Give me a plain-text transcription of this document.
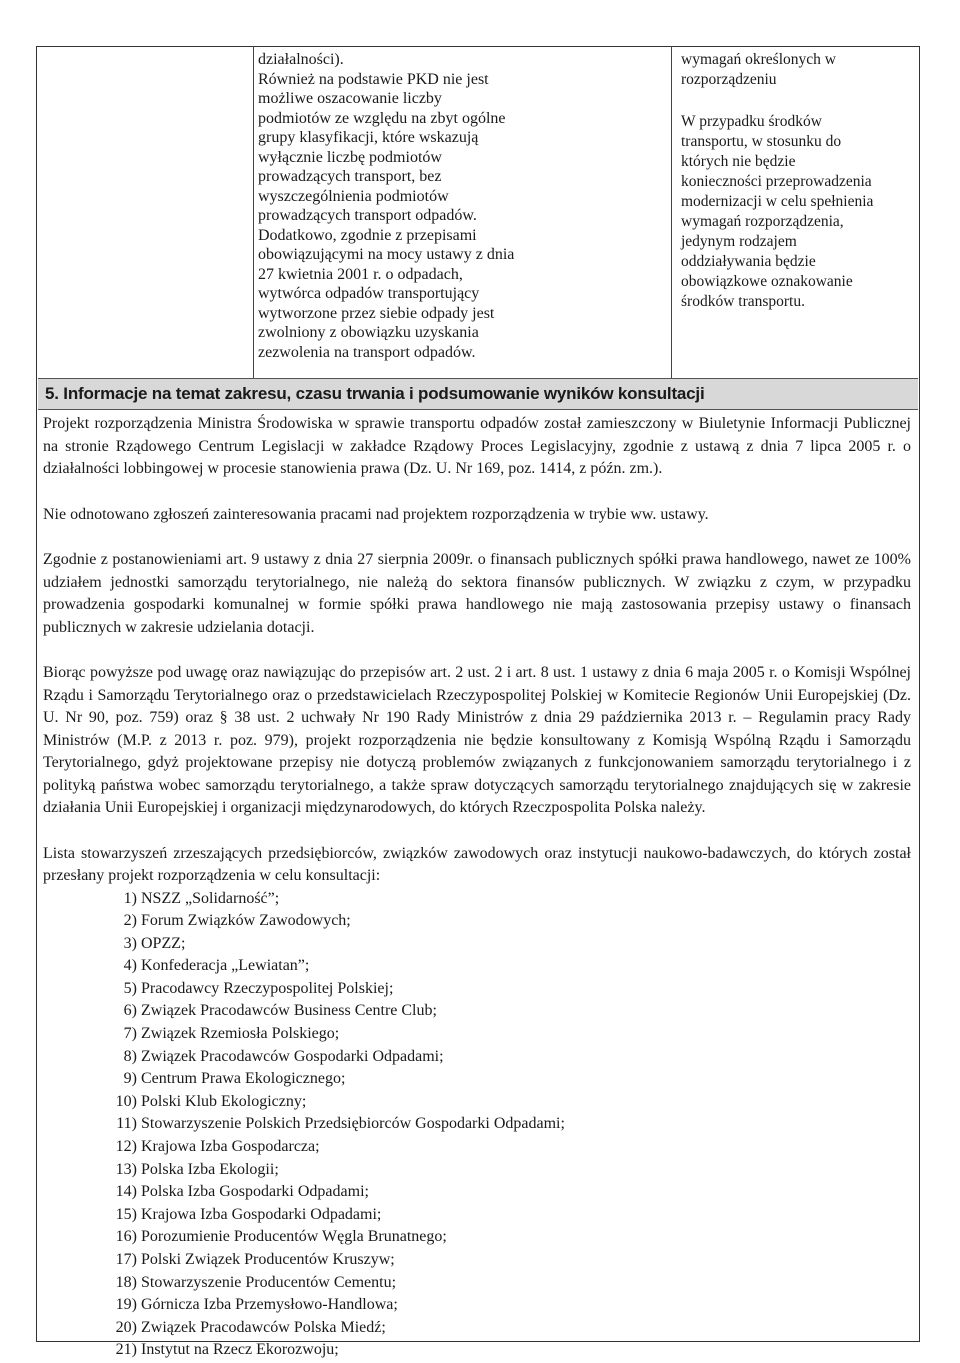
działalności).
Również na podstawie PKD nie jest
możliwe oszacowanie liczby
podmiotów ze względu na zbyt ogólne
grupy klasyfikacji, które wskazują
wyłącznie liczbę podmiotów
prowadzących transport, bez
wyszczególnienia podmiotów
prowadzących transport odpadów.
Dodatkowo, zgodnie z przepisami
obowiązującymi na mocy ustawy z dnia
27 kwietnia 2001 r. o odpadach,
wytwórca odpadów transportujący
wytworzone przez siebie odpady jest
zwolniony z obowiązku uzyskania
zezwolenia na transport odpadów.
wymagań określonych w
rozporządzeniu
W przypadku środków
transportu, w stosunku do
których nie będzie
konieczności przeprowadzenia
modernizacji w celu spełnienia
wymagań rozporządzenia,
jedynym rodzajem
oddziaływania będzie
obowiązkowe oznakowanie
środków transportu.
5. Informacje na temat zakresu, czasu trwania i podsumowanie wyników konsultacji

Projekt rozporządzenia Ministra Środowiska w sprawie transportu odpadów został zamieszczony w Biuletynie Informacji Publicznej na stronie Rządowego Centrum Legislacji w zakładce Rządowy Proces Legislacyjny, zgodnie z ustawą z dnia 7 lipca 2005 r. o działalności lobbingowej w procesie stanowienia prawa (Dz. U. Nr 169, poz. 1414, z późn. zm.).

Nie odnotowano zgłoszeń zainteresowania pracami nad projektem rozporządzenia w trybie ww. ustawy.

Zgodnie z postanowieniami art. 9 ustawy z dnia 27 sierpnia 2009r. o finansach publicznych spółki prawa handlowego, nawet ze 100% udziałem jednostki samorządu terytorialnego, nie należą do sektora finansów publicznych. W związku z czym, w przypadku prowadzenia gospodarki komunalnej w formie spółki prawa handlowego nie mają zastosowania przepisy ustawy o finansach publicznych w zakresie udzielania dotacji.

Biorąc powyższe pod uwagę oraz nawiązując do przepisów art. 2 ust. 2 i art. 8 ust. 1 ustawy z dnia 6 maja 2005 r. o Komisji Wspólnej Rządu i Samorządu Terytorialnego oraz o przedstawicielach Rzeczypospolitej Polskiej w Komitecie Regionów Unii Europejskiej (Dz. U. Nr 90, poz. 759) oraz § 38 ust. 2 uchwały Nr 190 Rady Ministrów z dnia 29 października 2013 r. – Regulamin pracy Rady Ministrów (M.P. z 2013 r. poz. 979), projekt rozporządzenia nie będzie konsultowany z Komisją Wspólną Rządu i Samorządu Terytorialnego, gdyż projektowane przepisy nie dotyczą problemów związanych z funkcjonowaniem samorządu terytorialnego i z polityką państwa wobec samorządu terytorialnego, a także spraw dotyczących samorządu terytorialnego znajdujących się w zakresie działania Unii Europejskiej i organizacji międzynarodowych, do których Rzeczpospolita Polska należy.

Lista stowarzyszeń zrzeszających przedsiębiorców, związków zawodowych oraz instytucji naukowo-badawczych, do których został przesłany projekt rozporządzenia w celu konsultacji:

1) NSZZ „Solidarność”;
2) Forum Związków Zawodowych;
3) OPZZ;
4) Konfederacja „Lewiatan”;
5) Pracodawcy Rzeczypospolitej Polskiej;
6) Związek Pracodawców Business Centre Club;
7) Związek Rzemiosła Polskiego;
8) Związek Pracodawców Gospodarki Odpadami;
9) Centrum Prawa Ekologicznego;
10) Polski Klub Ekologiczny;
11) Stowarzyszenie Polskich Przedsiębiorców Gospodarki Odpadami;
12) Krajowa Izba Gospodarcza;
13) Polska Izba Ekologii;
14) Polska Izba Gospodarki Odpadami;
15) Krajowa Izba Gospodarki Odpadami;
16) Porozumienie Producentów Węgla Brunatnego;
17) Polski Związek Producentów Kruszyw;
18) Stowarzyszenie Producentów Cementu;
19) Górnicza Izba Przemysłowo-Handlowa;
20) Związek Pracodawców Polska Miedź;
21) Instytut na Rzecz Ekorozwoju;
